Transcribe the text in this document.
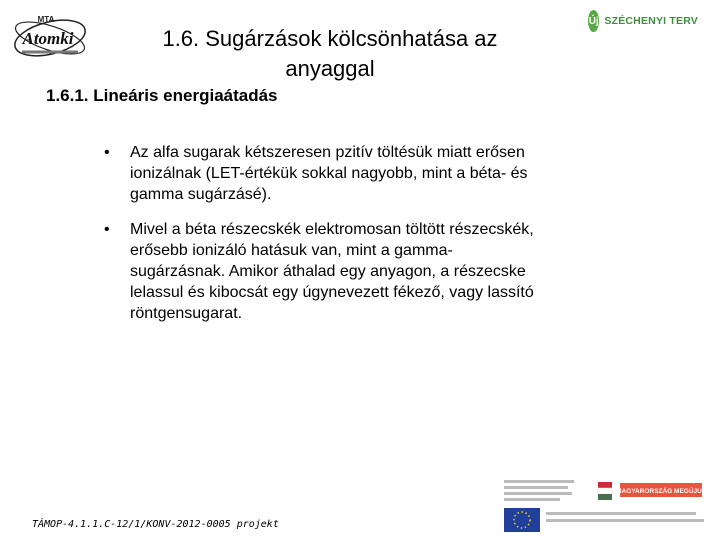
MTA
Atomki
Új SZÉCHENYI TERV
1.6. Sugárzások kölcsönhatása az anyaggal
1.6.1. Lineáris energiaátadás
• Az alfa sugarak kétszeresen pzitív töltésük miatt erősen ionizálnak (LET-értékük sokkal nagyobb, mint a béta- és gamma sugárzásé).
• Mivel a béta részecskék elektromosan töltött részecskék, erősebb ionizáló hatásuk van, mint a gamma-sugárzásnak. Amikor áthalad egy anyagon, a részecske lelassul és kibocsát egy úgynevezett fékező, vagy lassító röntgensugarat.
TÁMOP-4.1.1.C-12/1/KONV-2012-0005 projekt
MAGYARORSZÁG MEGÚJUL
